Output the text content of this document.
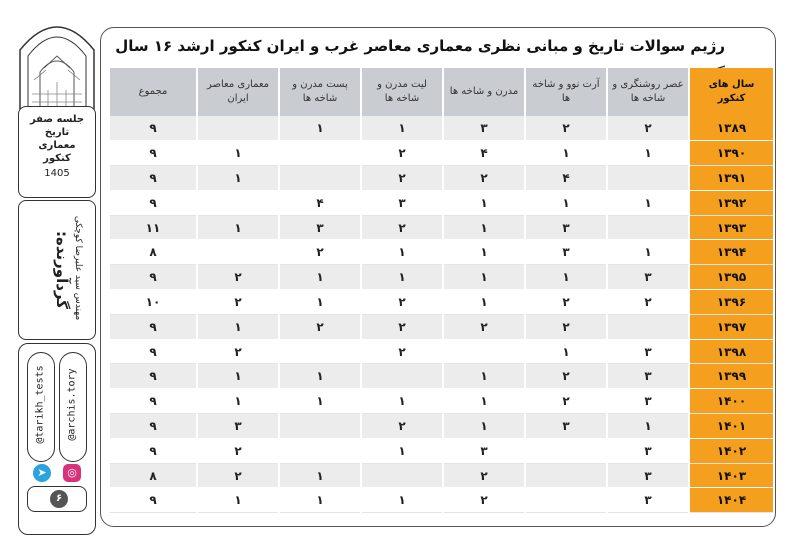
جلسه صفر
تاریخ
معماری
کنکور
1405
گردآورنده: مهندس سید علیرضا کوچکی
@tarikh_tests @archis.tory
➤	◎
۶
رژیم سوالات تاریخ و مبانی نظری معماری معاصر غرب و ایران کنکور ارشد ۱۶ سال
سال های کنکور	عصر روشنگری و شاخه ها	آرت نوو و شاخه ها	مدرن و شاخه ها	لیت مدرن و شاخه ها	پست مدرن و شاخه ها	معماری معاصر ایران	مجموع
۱۳۸۹	۲	۲	۳	۱	۱		۹
۱۳۹۰	۱	۱	۴	۲		۱	۹
۱۳۹۱		۴	۲	۲		۱	۹
۱۳۹۲	۱	۱	۱	۳	۴		۹
۱۳۹۳		۳	۱	۲	۳	۱	۱۱
۱۳۹۴	۱	۳	۱	۱	۲		۸
۱۳۹۵	۳	۱	۱	۱	۱	۲	۹
۱۳۹۶	۲	۲	۱	۲	۱	۲	۱۰
۱۳۹۷		۲	۲	۲	۲	۱	۹
۱۳۹۸	۳	۱		۲		۲	۹
۱۳۹۹	۳	۲	۱		۱	۱	۹
۱۴۰۰	۳	۲	۱	۱	۱	۱	۹
۱۴۰۱	۱	۳	۱	۲		۳	۹
۱۴۰۲	۳		۳	۱		۲	۹
۱۴۰۳	۳		۲		۱	۲	۸
۱۴۰۴	۳		۲	۱	۱	۱	۹
